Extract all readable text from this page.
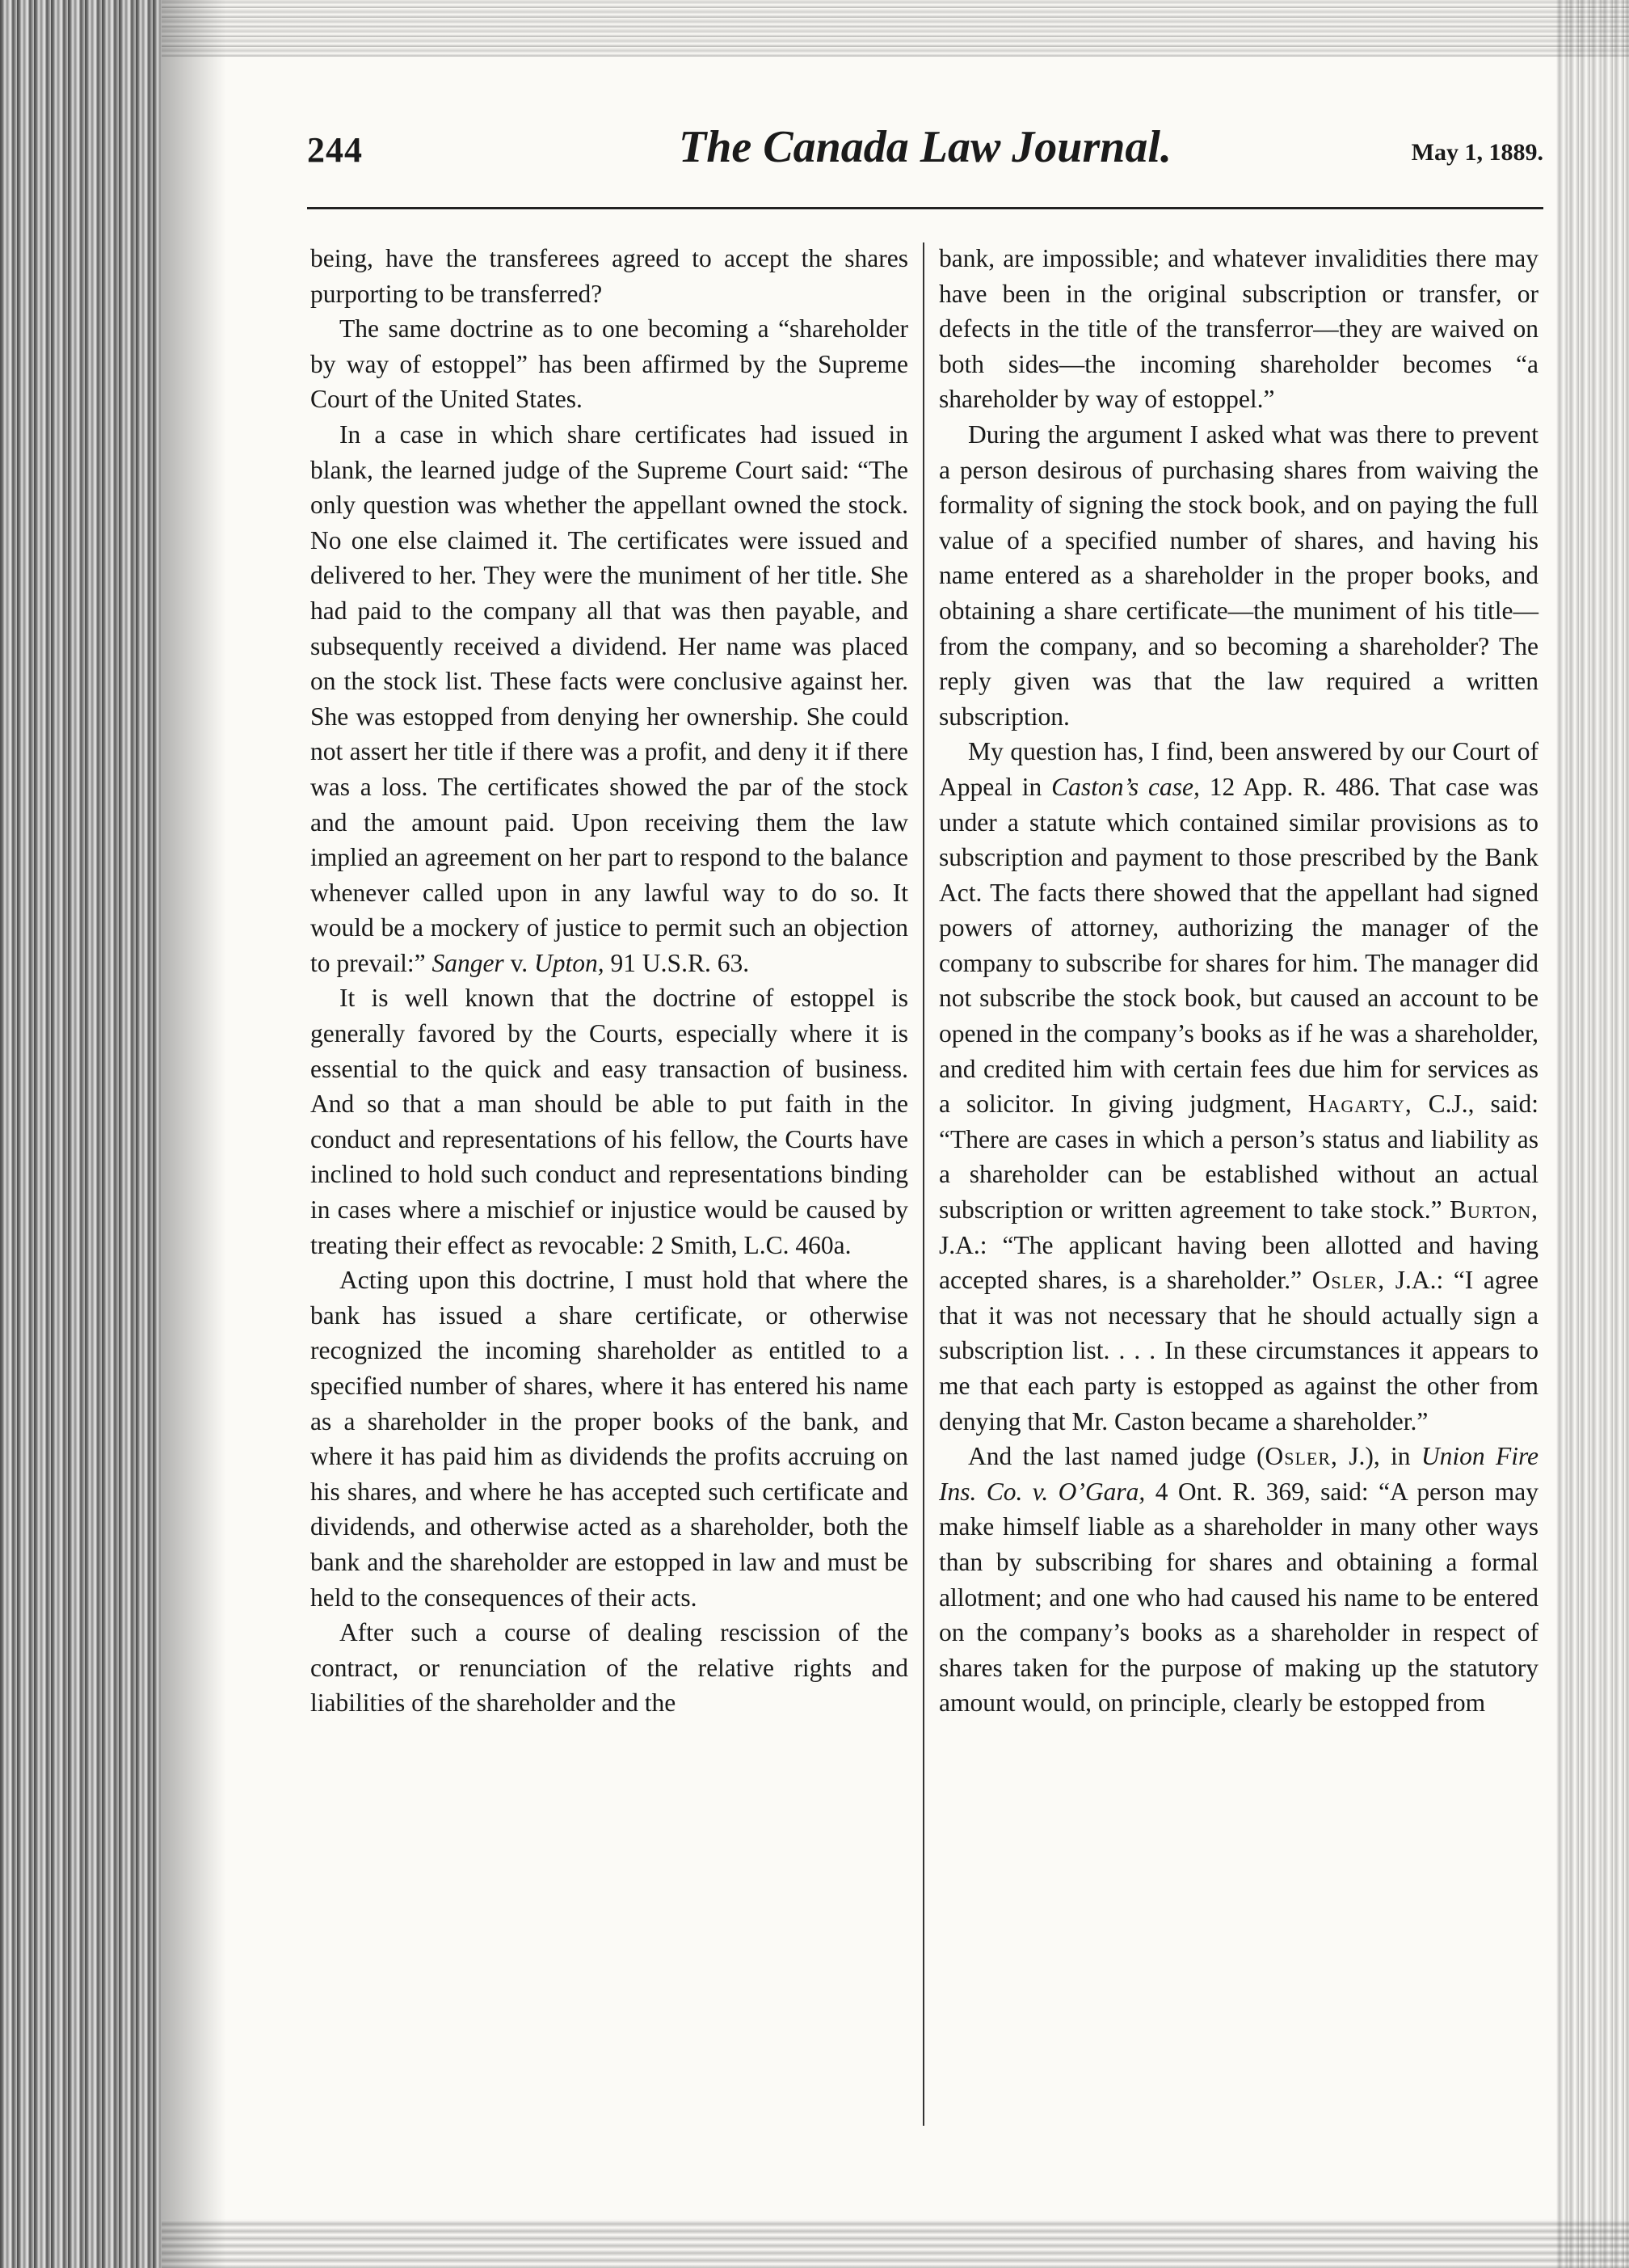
244	The Canada Law Journal.	May 1, 1889.

being, have the transferees agreed to accept the shares purporting to be transferred?

The same doctrine as to one becoming a “shareholder by way of estoppel” has been affirmed by the Supreme Court of the United States.

In a case in which share certificates had issued in blank, the learned judge of the Supreme Court said: “The only question was whether the appellant owned the stock. No one else claimed it. The certificates were issued and delivered to her. They were the muniment of her title. She had paid to the company all that was then payable, and subsequently received a dividend. Her name was placed on the stock list. These facts were conclusive against her. She was estopped from denying her ownership. She could not assert her title if there was a profit, and deny it if there was a loss. The certificates showed the par of the stock and the amount paid. Upon receiving them the law implied an agreement on her part to respond to the balance whenever called upon in any lawful way to do so. It would be a mockery of justice to permit such an objection to prevail:” Sanger v. Upton, 91 U.S.R. 63.

It is well known that the doctrine of estoppel is generally favored by the Courts, especially where it is essential to the quick and easy transaction of business. And so that a man should be able to put faith in the conduct and representations of his fellow, the Courts have inclined to hold such conduct and representations binding in cases where a mischief or injustice would be caused by treating their effect as revocable: 2 Smith, L.C. 460a.

Acting upon this doctrine, I must hold that where the bank has issued a share certificate, or otherwise recognized the incoming shareholder as entitled to a specified number of shares, where it has entered his name as a shareholder in the proper books of the bank, and where it has paid him as dividends the profits accruing on his shares, and where he has accepted such certificate and dividends, and otherwise acted as a shareholder, both the bank and the shareholder are estopped in law and must be held to the consequences of their acts.

After such a course of dealing rescission of the contract, or renunciation of the relative rights and liabilities of the shareholder and the

bank, are impossible; and whatever invalidities there may have been in the original subscription or transfer, or defects in the title of the transferror—they are waived on both sides—the incoming shareholder becomes “a shareholder by way of estoppel.”

During the argument I asked what was there to prevent a person desirous of purchasing shares from waiving the formality of signing the stock book, and on paying the full value of a specified number of shares, and having his name entered as a shareholder in the proper books, and obtaining a share certificate—the muniment of his title—from the company, and so becoming a shareholder? The reply given was that the law required a written subscription.

My question has, I find, been answered by our Court of Appeal in Caston’s case, 12 App. R. 486. That case was under a statute which contained similar provisions as to subscription and payment to those prescribed by the Bank Act. The facts there showed that the appellant had signed powers of attorney, authorizing the manager of the company to subscribe for shares for him. The manager did not subscribe the stock book, but caused an account to be opened in the company’s books as if he was a shareholder, and credited him with certain fees due him for services as a solicitor. In giving judgment, Hagarty, C.J., said: “There are cases in which a person’s status and liability as a shareholder can be established without an actual subscription or written agreement to take stock.” Burton, J.A.: “The applicant having been allotted and having accepted shares, is a shareholder.” Osler, J.A.: “I agree that it was not necessary that he should actually sign a subscription list. . . . In these circumstances it appears to me that each party is estopped as against the other from denying that Mr. Caston became a shareholder.”

And the last named judge (Osler, J.), in Union Fire Ins. Co. v. O’Gara, 4 Ont. R. 369, said: “A person may make himself liable as a shareholder in many other ways than by subscribing for shares and obtaining a formal allotment; and one who had caused his name to be entered on the company’s books as a shareholder in respect of shares taken for the purpose of making up the statutory amount would, on principle, clearly be estopped from
